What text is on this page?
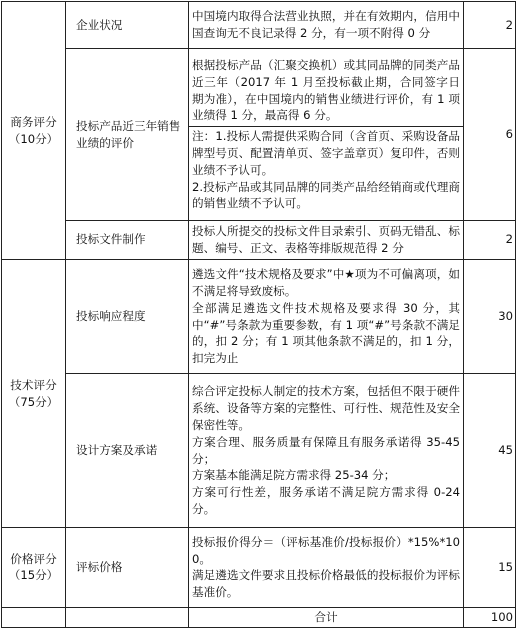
商务评分
（10分）	企业状况	中国境内取得合法营业执照，并在有效期内，信用中国查询无不良记录得 2 分，有一项不附得 0 分	2
	投标产品近三年销售业绩的评价	根据投标产品（汇聚交换机）或其同品牌的同类产品近三年（2017 年 1 月至投标截止期，合同签字日期为准），在中国境内的销售业绩进行评价，有 1 项业绩得 1 分，最高得 6 分。
注：1.投标人需提供采购合同（含首页、采购设备品牌型号页、配置清单页、签字盖章页）复印件，否则业绩不予认可。
2.投标产品或其同品牌的同类产品给经销商或代理商的销售业绩不予认可。	6
	投标文件制作	投标人所提交的投标文件目录索引、页码无错乱、标题、编号、正文、表格等排版规范得 2 分	2

技术评分
（75分）	投标响应程度	遴选文件“技术规格及要求”中★项为不可偏离项，如不满足将导致废标。
全部满足遴选文件技术规格及要求得 30 分，其中“#”号条款为重要参数，有 1 项“#”号条款不满足的，扣 2 分；有 1 项其他条款不满足的，扣 1 分，扣完为止	30
	设计方案及承诺	综合评定投标人制定的技术方案，包括但不限于硬件系统、设备等方案的完整性、可行性、规范性及安全保密性等。
方案合理、服务质量有保障且有服务承诺得 35-45 分；
方案基本能满足院方需求得 25-34 分；
方案可行性差，服务承诺不满足院方需求得 0-24 分。	45

价格评分
（15分）	评标价格	投标报价得分＝（评标基准价/投标报价）*15%*100。
满足遴选文件要求且投标价格最低的投标报价为评标基准价。	15
		合计	100
